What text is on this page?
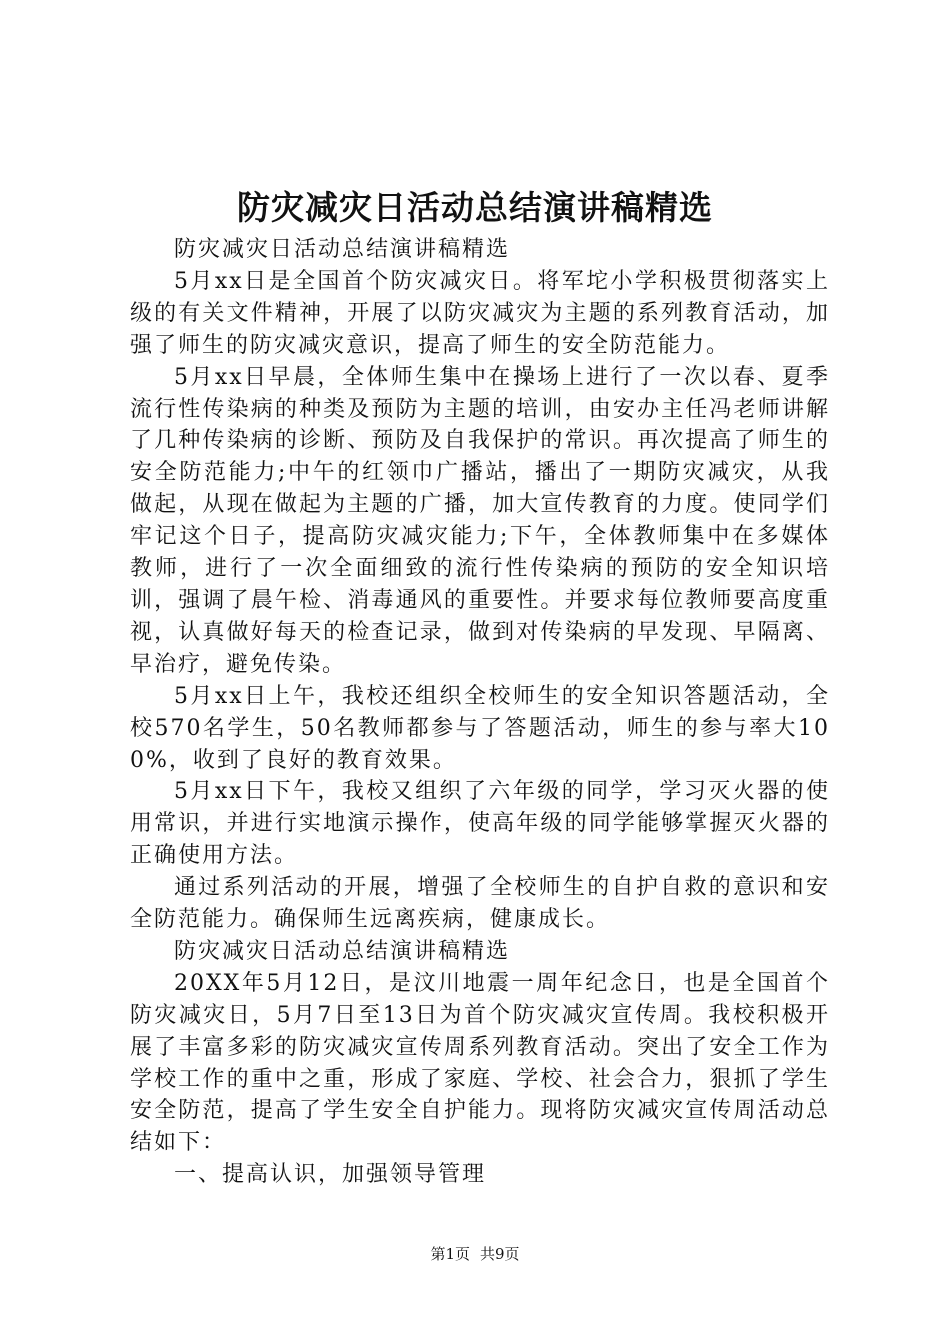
防灾减灾日活动总结演讲稿精选

防灾减灾日活动总结演讲稿精选

5月xx日是全国首个防灾减灾日。将军坨小学积极贯彻落实上级的有关文件精神，开展了以防灾减灾为主题的系列教育活动，加强了师生的防灾减灾意识，提高了师生的安全防范能力。

5月xx日早晨，全体师生集中在操场上进行了一次以春、夏季流行性传染病的种类及预防为主题的培训，由安办主任冯老师讲解了几种传染病的诊断、预防及自我保护的常识。再次提高了师生的安全防范能力;中午的红领巾广播站，播出了一期防灾减灾，从我做起，从现在做起为主题的广播，加大宣传教育的力度。使同学们牢记这个日子，提高防灾减灾能力;下午，全体教师集中在多媒体教师，进行了一次全面细致的流行性传染病的预防的安全知识培训，强调了晨午检、消毒通风的重要性。并要求每位教师要高度重视，认真做好每天的检查记录，做到对传染病的早发现、早隔离、早治疗，避免传染。

5月xx日上午，我校还组织全校师生的安全知识答题活动，全校570名学生，50名教师都参与了答题活动，师生的参与率大100%，收到了良好的教育效果。

5月xx日下午，我校又组织了六年级的同学，学习灭火器的使用常识，并进行实地演示操作，使高年级的同学能够掌握灭火器的正确使用方法。

通过系列活动的开展，增强了全校师生的自护自救的意识和安全防范能力。确保师生远离疾病，健康成长。

防灾减灾日活动总结演讲稿精选

20XX年5月12日，是汶川地震一周年纪念日，也是全国首个防灾减灾日，5月7日至13日为首个防灾减灾宣传周。我校积极开展了丰富多彩的防灾减灾宣传周系列教育活动。突出了安全工作为学校工作的重中之重，形成了家庭、学校、社会合力，狠抓了学生安全防范，提高了学生安全自护能力。现将防灾减灾宣传周活动总结如下：

一、提高认识，加强领导管理

第1页 共9页
